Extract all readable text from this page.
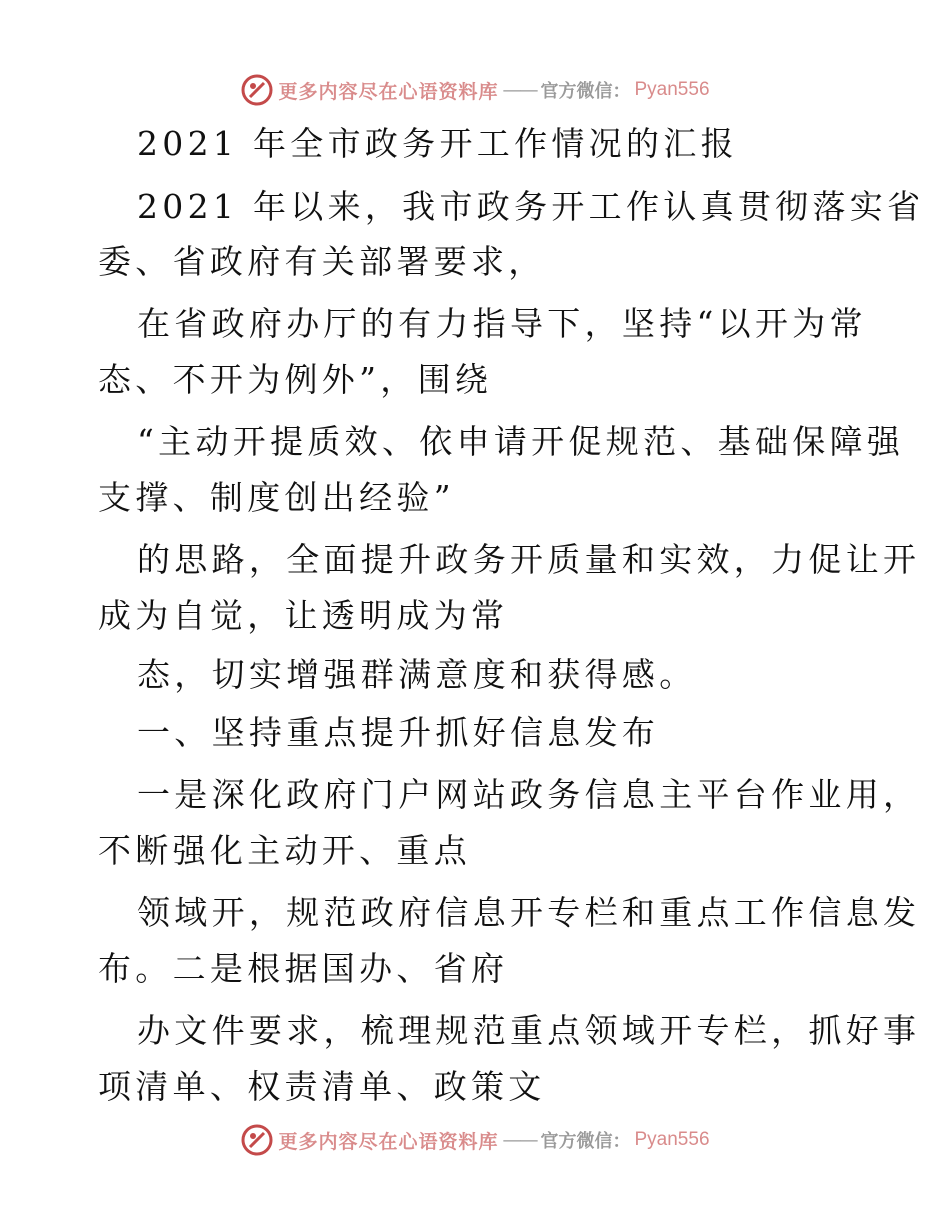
更多内容尽在心语资料库 —— 官方微信： Pyan556
2021 年全市政务开工作情况的汇报
2021 年以来，我市政务开工作认真贯彻落实省
委、省政府有关部署要求，
在省政府办厅的有力指导下，坚持“以开为常
态、不开为例外”，围绕
“主动开提质效、依申请开促规范、基础保障强
支撑、制度创出经验”
的思路，全面提升政务开质量和实效，力促让开
成为自觉，让透明成为常
态，切实增强群满意度和获得感。
一、坚持重点提升抓好信息发布
一是深化政府门户网站政务信息主平台作业用，
不断强化主动开、重点
领域开，规范政府信息开专栏和重点工作信息发
布。二是根据国办、省府
办文件要求，梳理规范重点领域开专栏，抓好事
项清单、权责清单、政策文
更多内容尽在心语资料库 —— 官方微信： Pyan556
